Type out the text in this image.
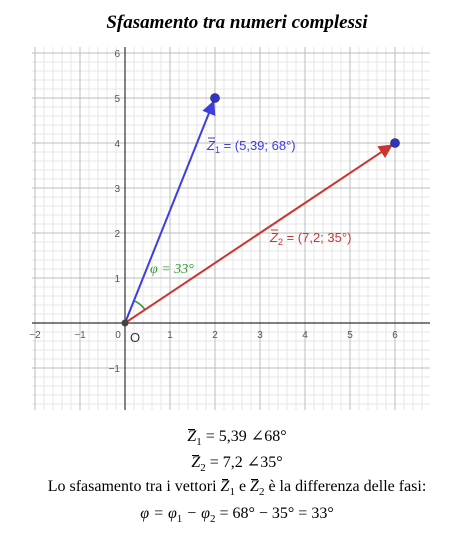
Sfasamento tra numeri complessi
−2	−1	0	1	2	3	4	5	6
−1
1
2
3
4
5
6
O
φ = 33°
$Z_1 = (5,39$; 68°)
$Z_2 = (7,2$; 35°)
$Z_1 = 5,39$ ∠68°
$Z_2 = 7,2$ ∠35°
Lo sfasamento tra i vettori $Z_1$ e $Z_2$ è la differenza delle fasi:
$\varphi = \varphi_1 - \varphi_2 = 68^\circ - 35^\circ = 33^\circ$
